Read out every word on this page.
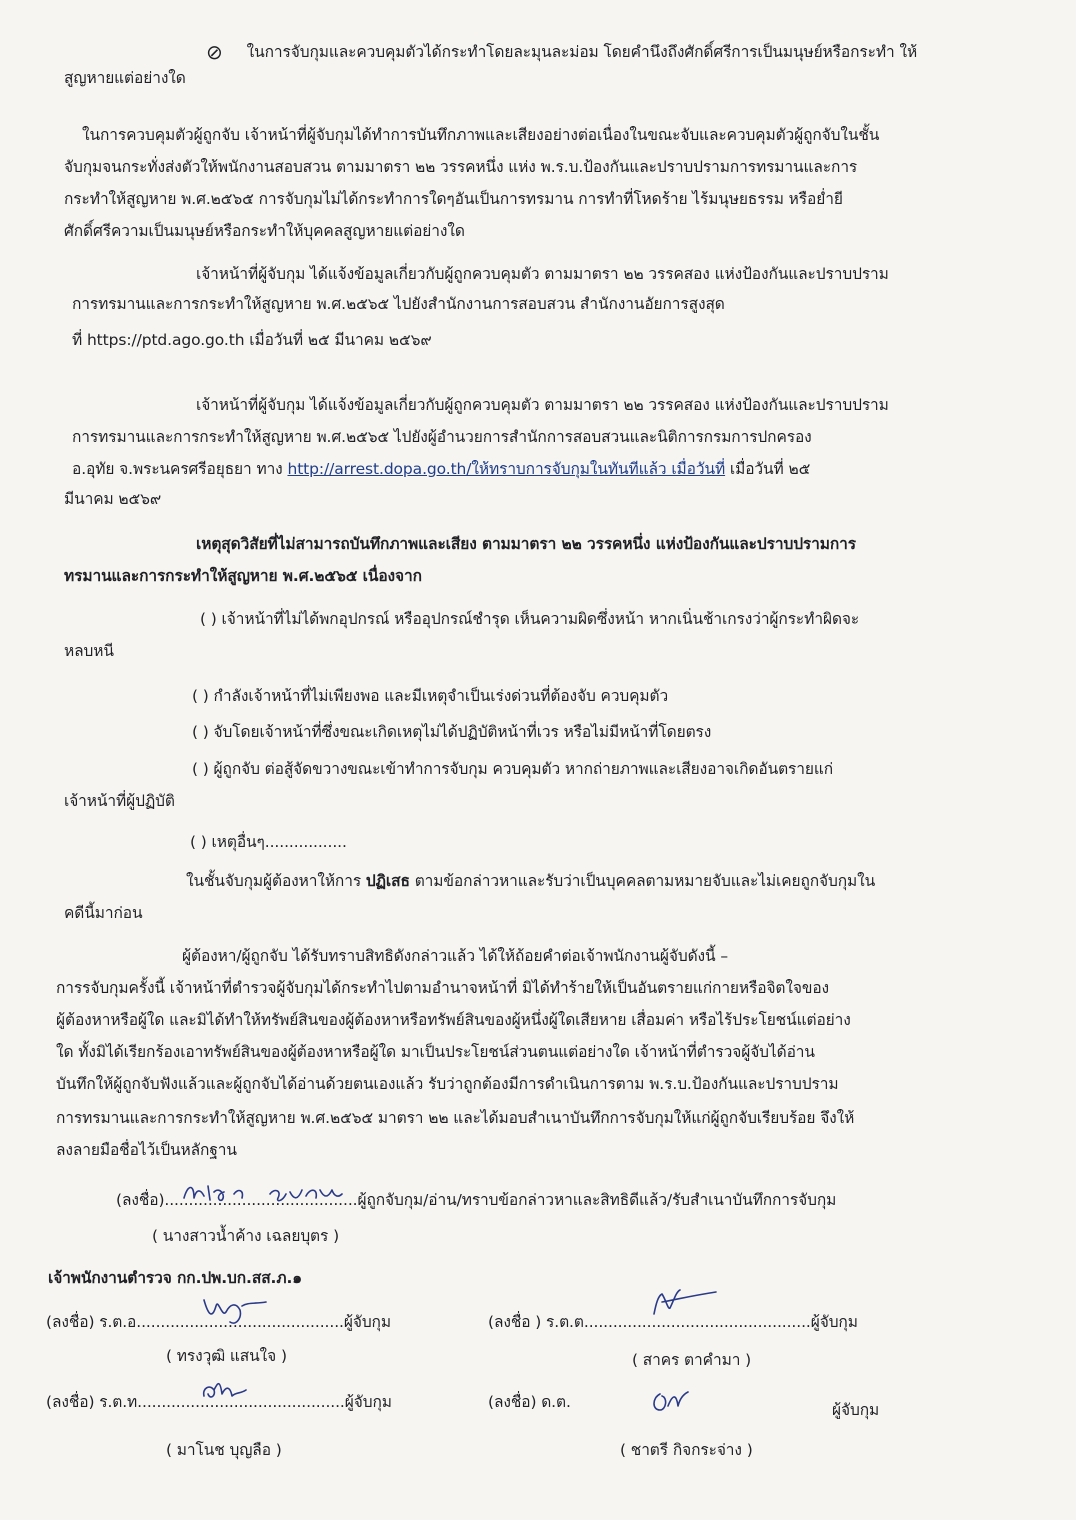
⊘ ในการจับกุมและควบคุมตัวได้กระทำโดยละมุนละม่อม โดยคำนึงถึงศักดิ์ศรีการเป็นมนุษย์หรือกระทำ ให้
สูญหายแต่อย่างใด
ในการควบคุมตัวผู้ถูกจับ เจ้าหน้าที่ผู้จับกุมได้ทำการบันทึกภาพและเสียงอย่างต่อเนื่องในขณะจับและควบคุมตัวผู้ถูกจับในชั้น
จับกุมจนกระทั่งส่งตัวให้พนักงานสอบสวน ตามมาตรา ๒๒ วรรคหนึ่ง แห่ง พ.ร.บ.ป้องกันและปราบปรามการทรมานและการ
กระทำให้สูญหาย พ.ศ.๒๕๖๕ การจับกุมไม่ได้กระทำการใดๆอันเป็นการทรมาน การทำที่โหดร้าย ไร้มนุษยธรรม หรือย่ำยี
ศักดิ์ศรีความเป็นมนุษย์หรือกระทำให้บุคคลสูญหายแต่อย่างใด
เจ้าหน้าที่ผู้จับกุม ได้แจ้งข้อมูลเกี่ยวกับผู้ถูกควบคุมตัว ตามมาตรา ๒๒ วรรคสอง แห่งป้องกันและปราบปราม
การทรมานและการกระทำให้สูญหาย พ.ศ.๒๕๖๕ ไปยังสำนักงานการสอบสวน สำนักงานอัยการสูงสุด
ที่ https://ptd.ago.go.th เมื่อวันที่ ๒๕ มีนาคม ๒๕๖๙
เจ้าหน้าที่ผู้จับกุม ได้แจ้งข้อมูลเกี่ยวกับผู้ถูกควบคุมตัว ตามมาตรา ๒๒ วรรคสอง แห่งป้องกันและปราบปราม
การทรมานและการกระทำให้สูญหาย พ.ศ.๒๕๖๕ ไปยังผู้อำนวยการสำนักการสอบสวนและนิติการกรมการปกครอง
อ.อุทัย จ.พระนครศรีอยุธยา ทาง http://arrest.dopa.go.th/ให้ทราบการจับกุมในทันทีแล้ว เมื่อวันที่ เมื่อวันที่ ๒๕
มีนาคม ๒๕๖๙
เหตุสุดวิสัยที่ไม่สามารถบันทึกภาพและเสียง ตามมาตรา ๒๒ วรรคหนึ่ง แห่งป้องกันและปราบปรามการ
ทรมานและการกระทำให้สูญหาย พ.ศ.๒๕๖๕ เนื่องจาก
( ) เจ้าหน้าที่ไม่ได้พกอุปกรณ์ หรืออุปกรณ์ชำรุด เห็นความผิดซึ่งหน้า หากเนิ่นช้าเกรงว่าผู้กระทำผิดจะ
หลบหนี
( ) กำลังเจ้าหน้าที่ไม่เพียงพอ และมีเหตุจำเป็นเร่งด่วนที่ต้องจับ ควบคุมตัว
( ) จับโดยเจ้าหน้าที่ซึ่งขณะเกิดเหตุไม่ได้ปฏิบัติหน้าที่เวร หรือไม่มีหน้าที่โดยตรง
( ) ผู้ถูกจับ ต่อสู้จัดขวางขณะเข้าทำการจับกุม ควบคุมตัว หากถ่ายภาพและเสียงอาจเกิดอันตรายแก่
เจ้าหน้าที่ผู้ปฏิบัติ
( ) เหตุอื่นๆ.................
ในชั้นจับกุมผู้ต้องหาให้การ ปฏิเสธ ตามข้อกล่าวหาและรับว่าเป็นบุคคลตามหมายจับและไม่เคยถูกจับกุมใน
คดีนี้มาก่อน
ผู้ต้องหา/ผู้ถูกจับ ได้รับทราบสิทธิดังกล่าวแล้ว ได้ให้ถ้อยคำต่อเจ้าพนักงานผู้จับดังนี้ –
การรจับกุมครั้งนี้ เจ้าหน้าที่ตำรวจผู้จับกุมได้กระทำไปตามอำนาจหน้าที่ มิได้ทำร้ายให้เป็นอันตรายแก่กายหรือจิตใจของ
ผู้ต้องหาหรือผู้ใด และมิได้ทำให้ทรัพย์สินของผู้ต้องหาหรือทรัพย์สินของผู้หนึ่งผู้ใดเสียหาย เสื่อมค่า หรือไร้ประโยชน์แต่อย่าง
ใด ทั้งมิได้เรียกร้องเอาทรัพย์สินของผู้ต้องหาหรือผู้ใด มาเป็นประโยชน์ส่วนตนแต่อย่างใด เจ้าหน้าที่ตำรวจผู้จับได้อ่าน
บันทึกให้ผู้ถูกจับฟังแล้วและผู้ถูกจับได้อ่านด้วยตนเองแล้ว รับว่าถูกต้องมีการดำเนินการตาม พ.ร.บ.ป้องกันและปราบปราม
การทรมานและการกระทำให้สูญหาย พ.ศ.๒๕๖๕ มาตรา ๒๒ และได้มอบสำเนาบันทึกการจับกุมให้แก่ผู้ถูกจับเรียบร้อย จึงให้
ลงลายมือชื่อไว้เป็นหลักฐาน
(ลงชื่อ)........................................ผู้ถูกจับกุม/อ่าน/ทราบข้อกล่าวหาและสิทธิดีแล้ว/รับสำเนาบันทึกการจับกุม
( นางสาวน้ำค้าง เฉลยบุตร )
เจ้าพนักงานตำรวจ กก.ปพ.บก.สส.ภ.๑
(ลงชื่อ) ร.ต.อ...........................................ผู้จับกุม
( ทรงวุฒิ แสนใจ )
(ลงชื่อ ) ร.ต.ต...............................................ผู้จับกุม
( สาคร ตาคำมา )
(ลงชื่อ) ร.ต.ท...........................................ผู้จับกุม
( มาโนช บุญลือ )
(ลงชื่อ) ด.ต.	ผู้จับกุม
( ชาตรี กิจกระจ่าง )
